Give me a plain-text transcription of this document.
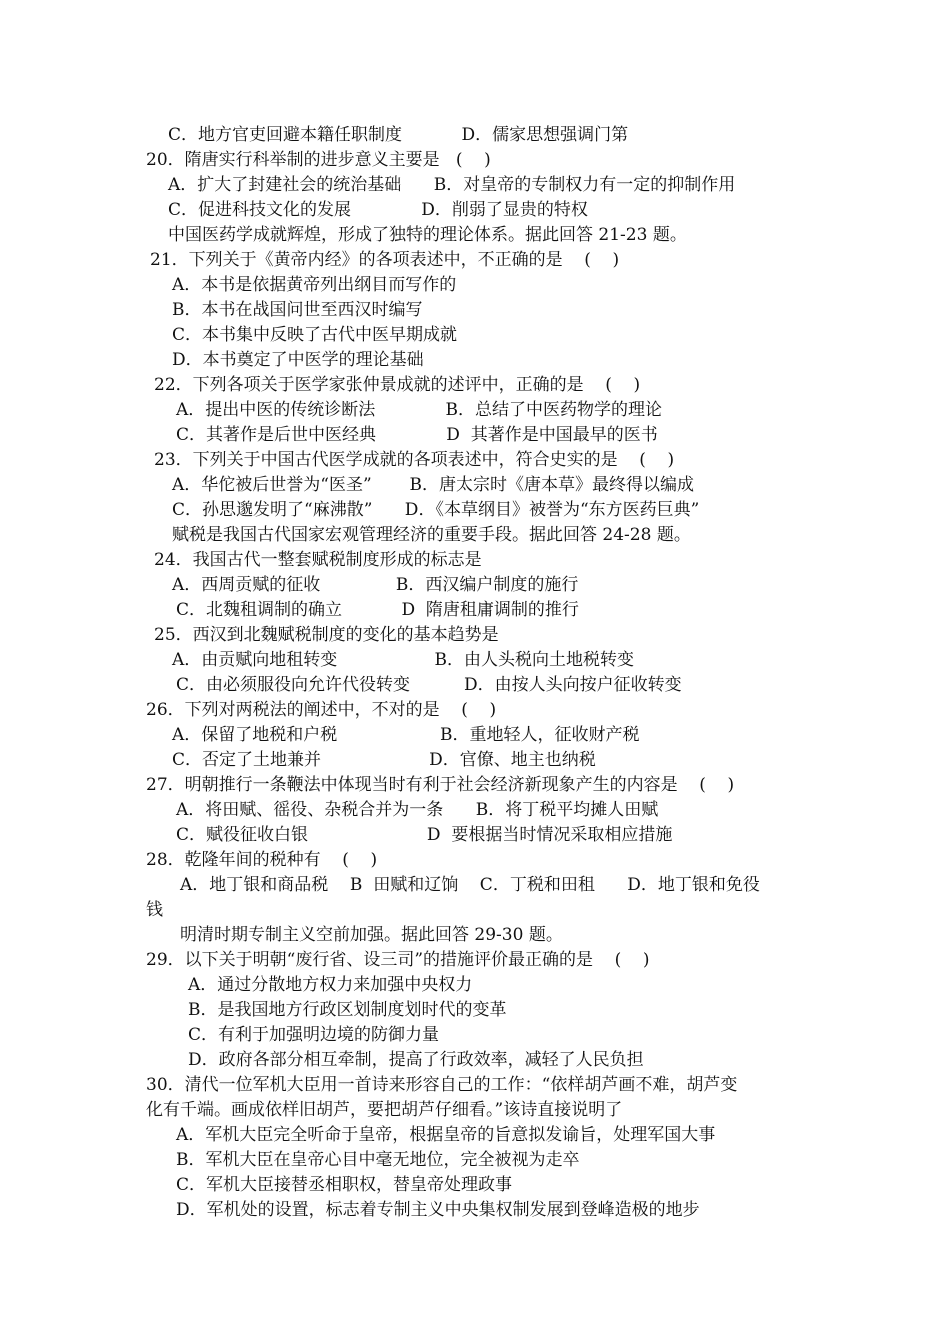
C．地方官吏回避本籍任职制度           D．儒家思想强调门第
20．隋唐实行科举制的进步意义主要是   (    )
A．扩大了封建社会的统治基础      B．对皇帝的专制权力有一定的抑制作用
C．促进科技文化的发展             D．削弱了显贵的特权
中国医药学成就辉煌，形成了独特的理论体系。据此回答 21-23 题。
21．下列关于《黄帝内经》的各项表述中，不正确的是    (    )
A．本书是依据黄帝列出纲目而写作的
B．本书在战国问世至西汉时编写
C．本书集中反映了古代中医早期成就
D．本书奠定了中医学的理论基础
22．下列各项关于医学家张仲景成就的述评中，正确的是    (    )
A．提出中医的传统诊断法             B．总结了中医药物学的理论
C．其著作是后世中医经典             D  其著作是中国最早的医书
23．下列关于中国古代医学成就的各项表述中，符合史实的是    (    )
A．华佗被后世誉为“医圣”       B．唐太宗时《唐本草》最终得以编成
C．孙思邈发明了“麻沸散”      D．《本草纲目》被誉为“东方医药巨典”
赋税是我国古代国家宏观管理经济的重要手段。据此回答 24-28 题。
24．我国古代一整套赋税制度形成的标志是
A．西周贡赋的征收              B．西汉编户制度的施行
C．北魏租调制的确立           D  隋唐租庸调制的推行
25．西汉到北魏赋税制度的变化的基本趋势是
A．由贡赋向地租转变                  B．由人头税向土地税转变
C．由必须服役向允许代役转变          D．由按人头向按户征收转变
26．下列对两税法的阐述中，不对的是    (    )
A．保留了地税和户税                   B．重地轻人，征收财产税
C．否定了土地兼并                    D．官僚、地主也纳税
27．明朝推行一条鞭法中体现当时有利于社会经济新现象产生的内容是    (    )
A．将田赋、徭役、杂税合并为一条      B．将丁税平均摊人田赋
C．赋役征收白银                      D  要根据当时情况采取相应措施
28．乾隆年间的税种有    (    )
A．地丁银和商品税    B  田赋和辽饷    C．丁税和田租      D．地丁银和免役
钱
明清时期专制主义空前加强。据此回答 29-30 题。
29．以下关于明朝“废行省、设三司”的措施评价最正确的是    (    )
A．通过分散地方权力来加强中央权力
B．是我国地方行政区划制度划时代的变革
C．有利于加强明边境的防御力量
D．政府各部分相互牵制，提高了行政效率，减轻了人民负担
30．清代一位军机大臣用一首诗来形容自己的工作：“依样胡芦画不难，胡芦变
化有千端。画成依样旧胡芦，要把胡芦仔细看。”该诗直接说明了
A．军机大臣完全听命于皇帝，根据皇帝的旨意拟发谕旨，处理军国大事
B．军机大臣在皇帝心目中毫无地位，完全被视为走卒
C．军机大臣接替丞相职权，替皇帝处理政事
D．军机处的设置，标志着专制主义中央集权制发展到登峰造极的地步
